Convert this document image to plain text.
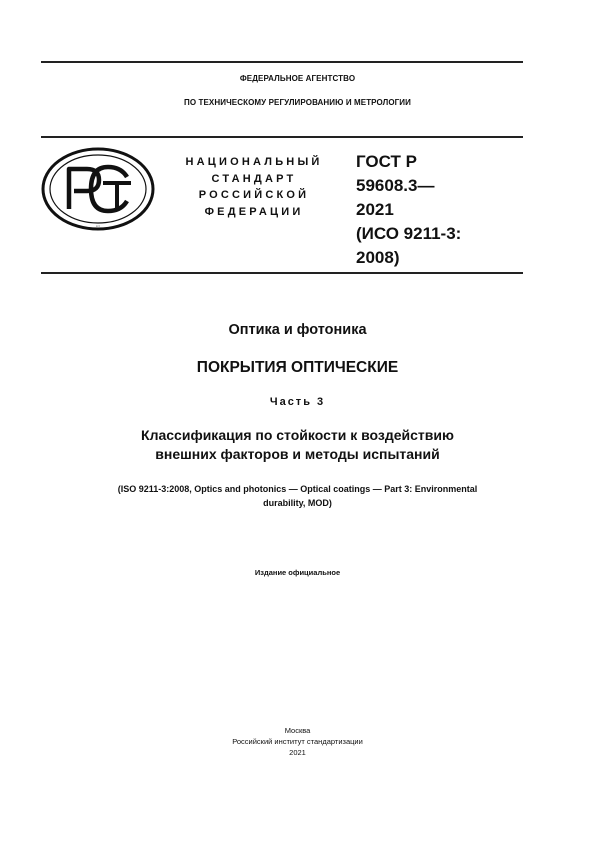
ФЕДЕРАЛЬНОЕ АГЕНТСТВО
ПО ТЕХНИЧЕСКОМУ РЕГУЛИРОВАНИЮ И МЕТРОЛОГИИ
РСТ
НАЦИОНАЛЬНЫЙ
СТАНДАРТ
РОССИЙСКОЙ
ФЕДЕРАЦИИ
ГОСТ Р
59608.3—
2021
(ИСО 9211-3:
2008)
Оптика и фотоника
ПОКРЫТИЯ ОПТИЧЕСКИЕ
Часть 3
Классификация по стойкости к воздействию
внешних факторов и методы испытаний
(ISO 9211-3:2008, Optics and photonics — Optical coatings — Part 3: Environmental
durability, MOD)
Издание официальное
Москва
Российский институт стандартизации
2021
